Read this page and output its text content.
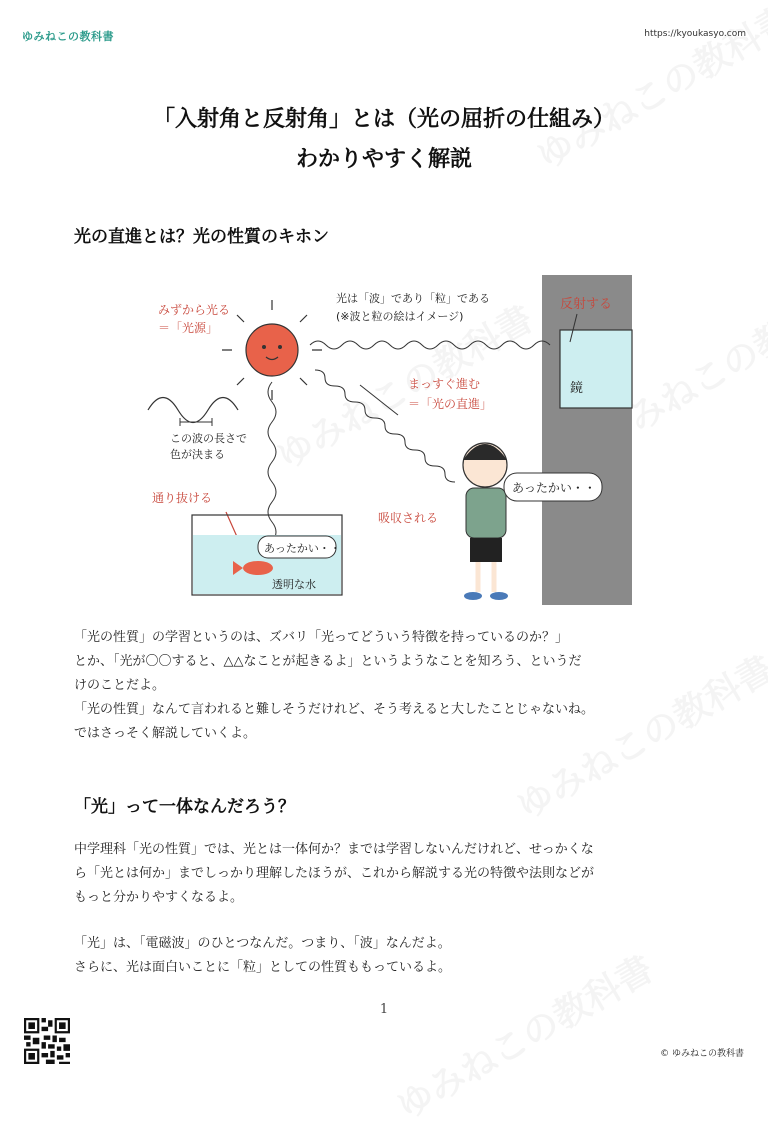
ゆみねこの教科書	https://kyoukasyo.com
「入射角と反射角」とは（光の屈折の仕組み）
わかりやすく解説
光の直進とは？光の性質のキホン
鏡
反射する
みずから光る
＝「光源」
光は「波」であり「粒」である
(※波と粒の絵はイメージ)
まっすぐ進む
＝「光の直進」
この波の長さで
色が決まる
通り抜ける
あったかい・・
透明な水
吸収される
あったかい・・
「光の性質」の学習というのは、ズバリ「光ってどういう特徴を持っているのか？」
とか、「光が〇〇すると、△△なことが起きるよ」というようなことを知ろう、というだ
けのことだよ。
「光の性質」なんて言われると難しそうだけれど、そう考えると大したことじゃないね。
ではさっそく解説していくよ。
「光」って一体なんだろう？
中学理科「光の性質」では、光とは一体何か？までは学習しないんだけれど、せっかくな
ら「光とは何か」までしっかり理解したほうが、これから解説する光の特徴や法則などが
もっと分かりやすくなるよ。
「光」は、「電磁波」のひとつなんだ。つまり、「波」なんだよ。
さらに、光は面白いことに「粒」としての性質ももっているよ。
1
© ゆみねこの教科書
